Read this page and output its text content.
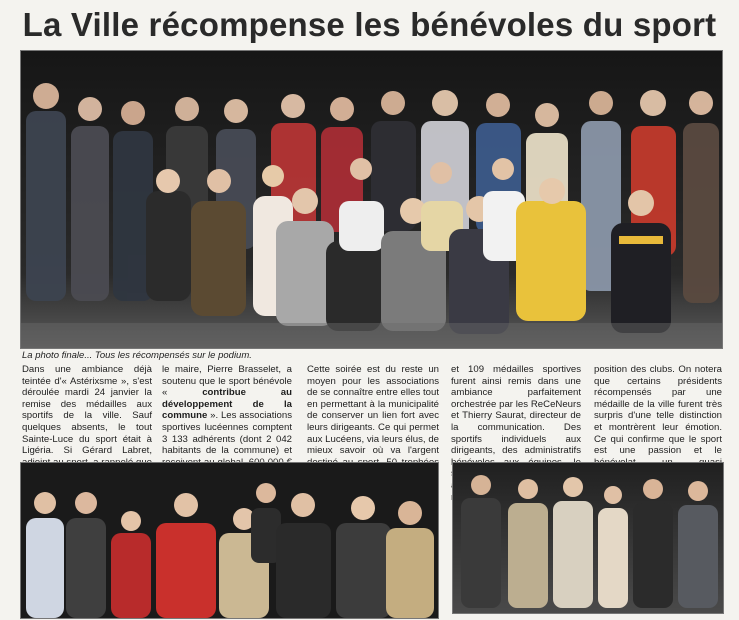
La Ville récompense les bénévoles du sport
La photo finale... Tous les récompensés sur le podium.
Dans une ambiance déjà teintée d'« Astérixsme », s'est déroulée mardi 24 janvier la remise des médailles aux sportifs de la ville. Sauf quelques absents, le tout Sainte-Luce du sport était à Ligéria. Si Gérard Labret,
le maire, Pierre Brasselet, a soutenu que le sport bénévole «	contribue au développement de la commune ». Les associations sportives lucéennes comptent 3 133 adhérents (dont 2 042 habitants de la commune) et
Cette soirée est du reste un moyen pour les associations de se connaître entre elles tout en permettant à la municipalité de conserver un lien fort avec leurs dirigeants. Ce qui permet aux Lucéens, via leurs élus, de mieux savoir où va l'argent
et 109 médailles sportives furent ainsi remis dans une ambiance parfaitement orchestrée par les ReCeNeurs et Thierry Saurat, directeur de la communication. Des sportifs individuels aux dirigeants, des administratifs
position des clubs. On notera que certains présidents récompensés par une médaille de la ville furent très surpris d'une telle distinction et montrèrent leur émotion. Ce qui confirme que le sport est une passion et le
